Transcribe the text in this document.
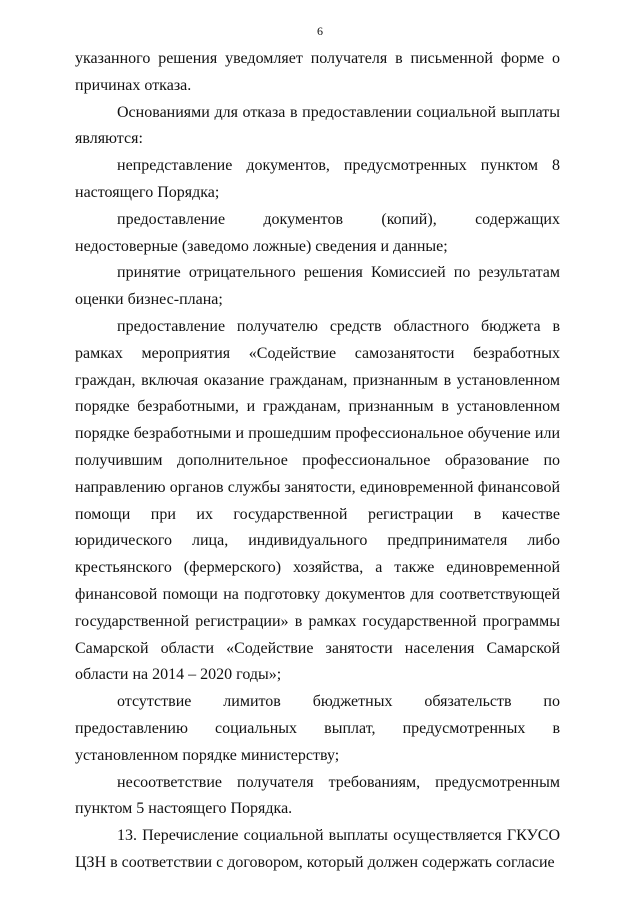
6

указанного решения уведомляет получателя в письменной форме о причинах отказа.

Основаниями для отказа в предоставлении социальной выплаты являются:

непредставление документов, предусмотренных пунктом 8 настоящего Порядка;

предоставление документов (копий), содержащих недостоверные (заведомо ложные) сведения и данные;

принятие отрицательного решения Комиссией по результатам оценки бизнес-плана;

предоставление получателю средств областного бюджета в рамках мероприятия «Содействие самозанятости безработных граждан, включая оказание гражданам, признанным в установленном порядке безработными, и гражданам, признанным в установленном порядке безработными и прошедшим профессиональное обучение или получившим дополнительное профессиональное образование по направлению органов службы занятости, единовременной финансовой помощи при их государственной регистрации в качестве юридического лица, индивидуального предпринимателя либо крестьянского (фермерского) хозяйства, а также единовременной финансовой помощи на подготовку документов для соответствующей государственной регистрации» в рамках государственной программы Самарской области «Содействие занятости населения Самарской области на 2014 – 2020 годы»;

отсутствие лимитов бюджетных обязательств по предоставлению социальных выплат, предусмотренных в установленном порядке министерству;

несоответствие получателя требованиям, предусмотренным пунктом 5 настоящего Порядка.

13. Перечисление социальной выплаты осуществляется ГКУСО ЦЗН в соответствии с договором, который должен содержать согласие
